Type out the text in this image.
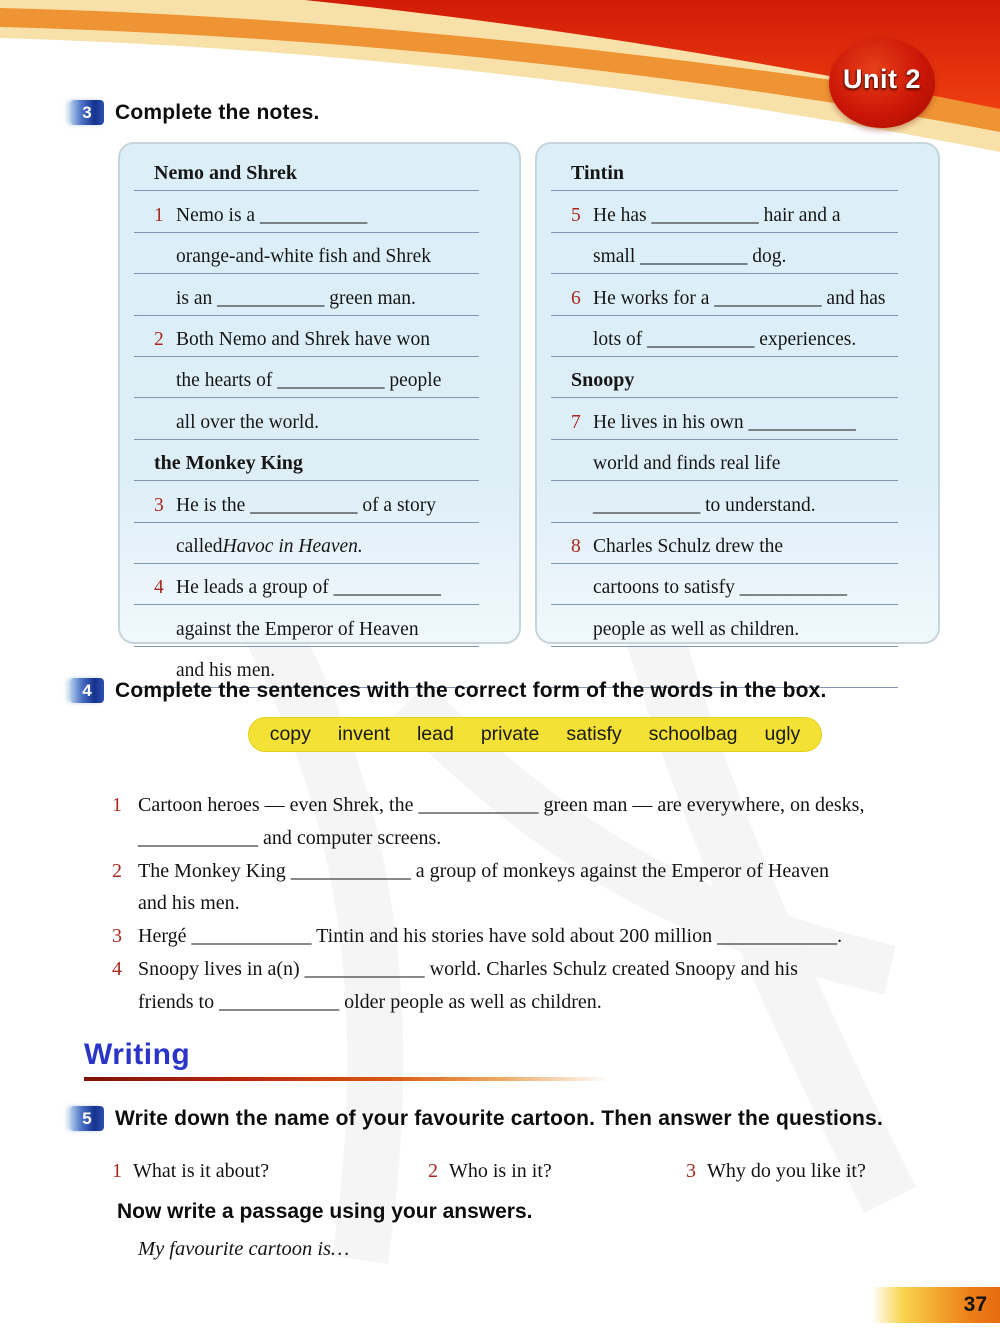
Unit 2
3	Complete the notes.
Nemo and Shrek
1 Nemo is a ___________
orange-and-white fish and Shrek
is an ___________ green man.
2 Both Nemo and Shrek have won
the hearts of ___________ people
all over the world.
the Monkey King
3 He is the ___________ of a story
called Havoc in Heaven.
4 He leads a group of ___________
against the Emperor of Heaven
and his men.
Tintin
5 He has ___________ hair and a
small ___________ dog.
6 He works for a ___________ and has
lots of ___________ experiences.
Snoopy
7 He lives in his own ___________
world and finds real life
___________ to understand.
8 Charles Schulz drew the
cartoons to satisfy ___________
people as well as children.
4	Complete the sentences with the correct form of the words in the box.
copy invent lead private satisfy schoolbag ugly
1 Cartoon heroes — even Shrek, the ____________ green man — are everywhere, on desks,
____________ and computer screens.
2 The Monkey King ____________ a group of monkeys against the Emperor of Heaven
and his men.
3 Hergé ____________ Tintin and his stories have sold about 200 million ____________.
4 Snoopy lives in a(n) ____________ world. Charles Schulz created Snoopy and his
friends to ____________ older people as well as children.
Writing
5	Write down the name of your favourite cartoon. Then answer the questions.
1 What is it about?	2 Who is in it?	3 Why do you like it?
Now write a passage using your answers.
My favourite cartoon is…
37
